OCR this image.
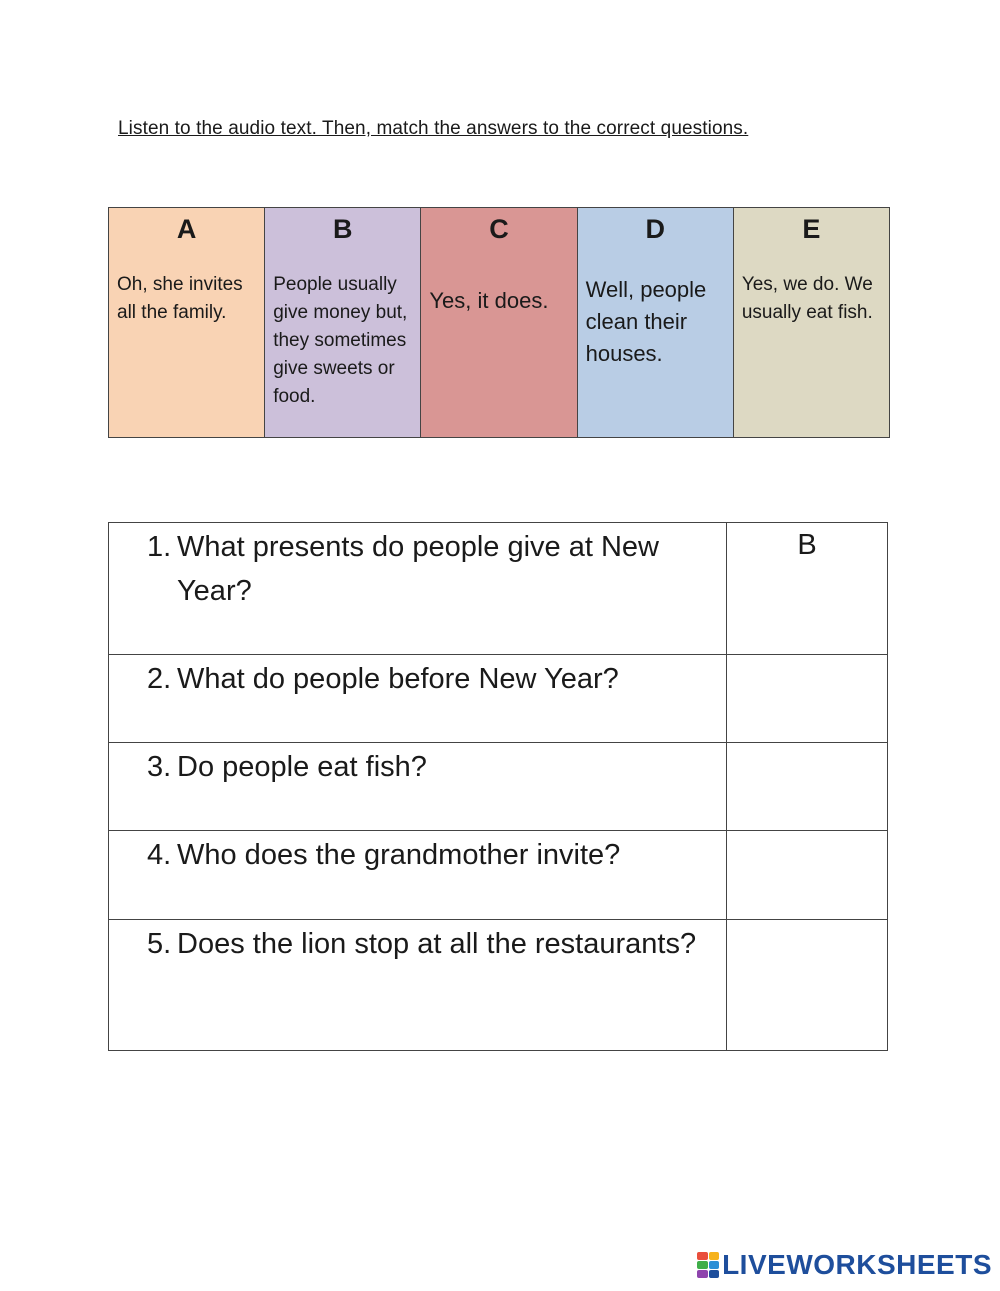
Listen to the audio text. Then, match the answers to the correct questions.
A
Oh, she invites all the family.
B
People usually give money but, they sometimes give sweets or food.
C
Yes, it does.
D
Well, people clean their houses.
E
Yes, we do. We usually eat fish.
1. What presents do people give at New Year?	B

2. What do people before New Year?	

3. Do people eat fish?	

4. Who does the grandmother invite?	

5. Does the lion stop at all the restaurants?	

LIVEWORKSHEETS
